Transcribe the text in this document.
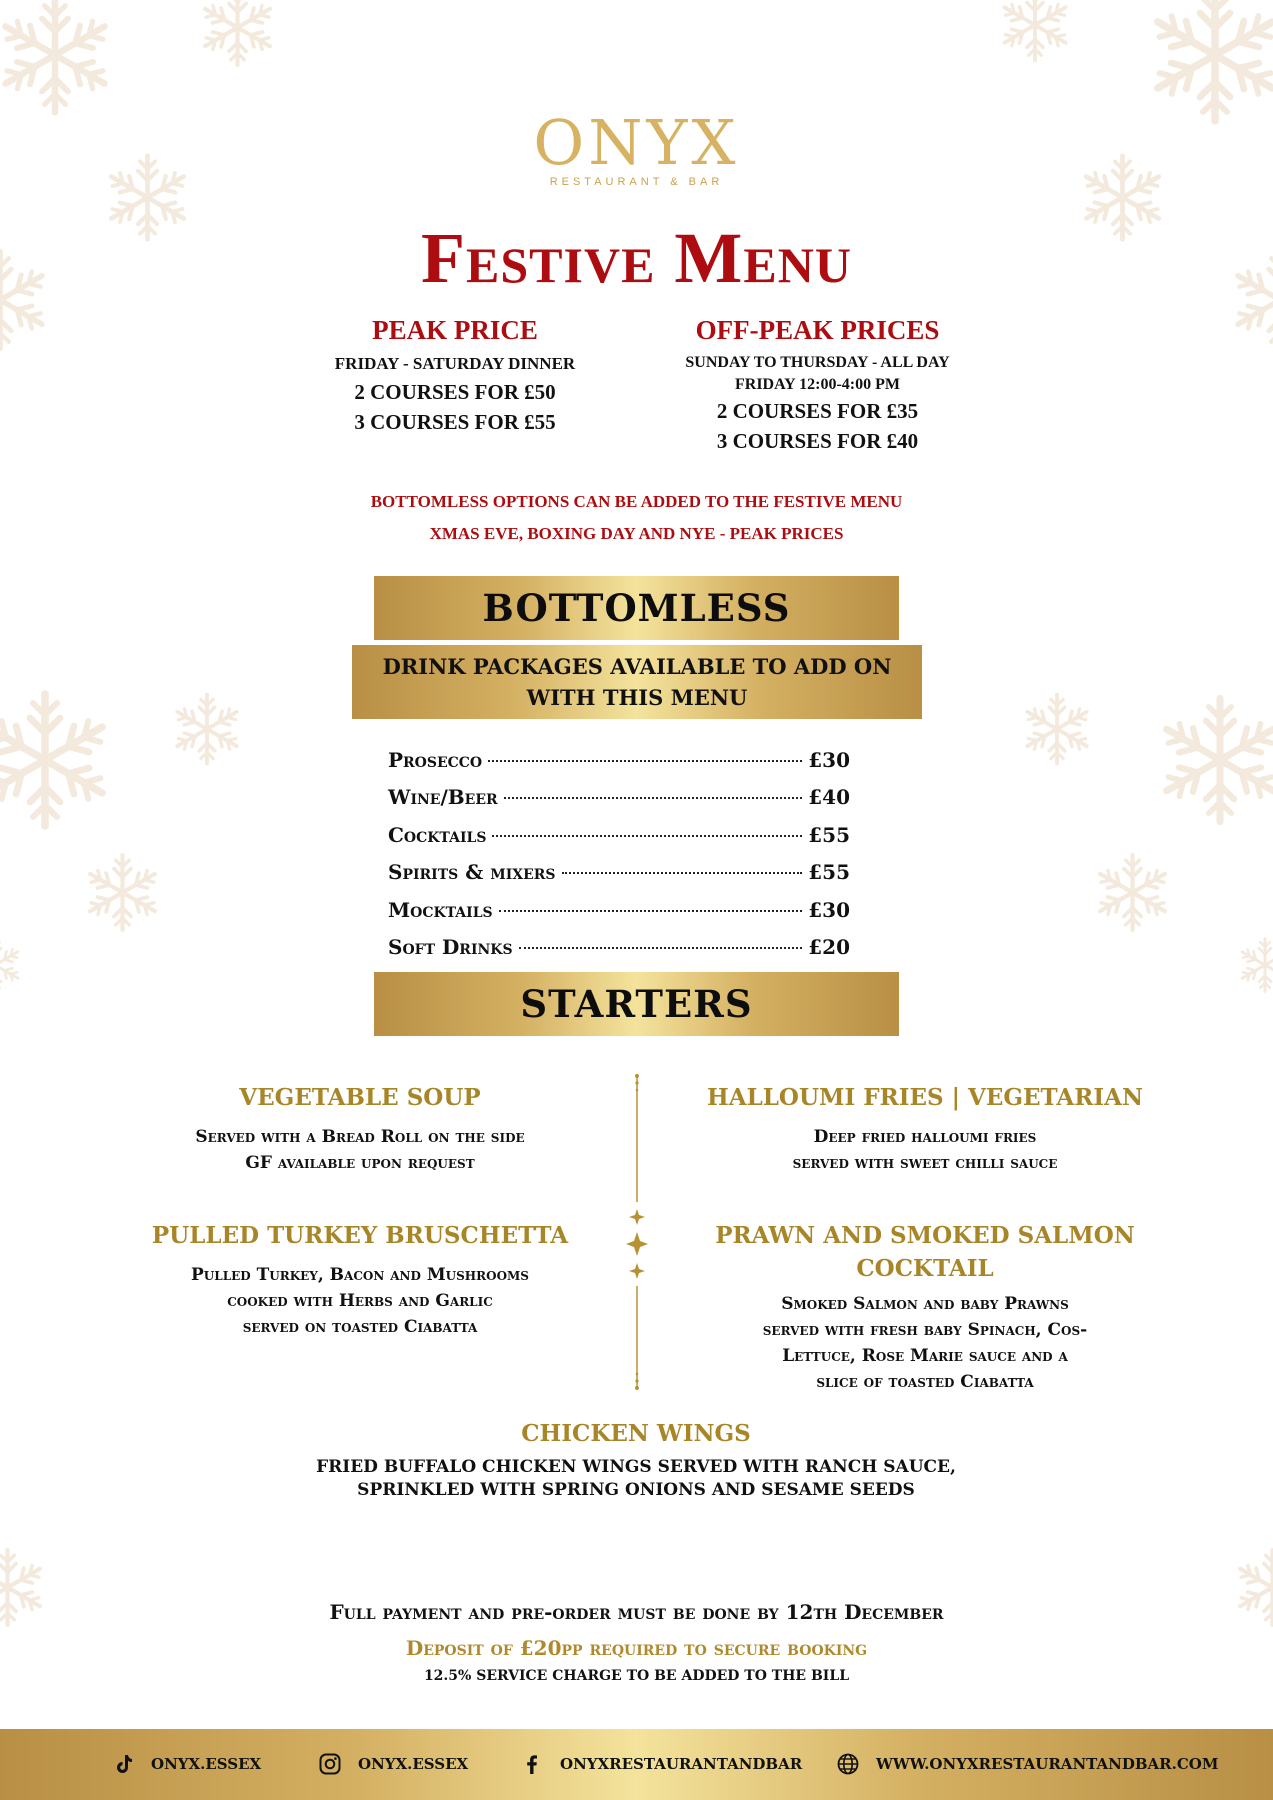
ONYX
RESTAURANT & BAR
Festive Menu
PEAK PRICE
FRIDAY - SATURDAY DINNER
2 COURSES FOR £50
3 COURSES FOR £55
OFF-PEAK PRICES
SUNDAY TO THURSDAY - ALL DAY
FRIDAY 12:00-4:00 PM
2 COURSES FOR £35
3 COURSES FOR £40
BOTTOMLESS OPTIONS CAN BE ADDED TO THE FESTIVE MENU
XMAS EVE, BOXING DAY AND NYE - PEAK PRICES
BOTTOMLESS
DRINK PACKAGES AVAILABLE TO ADD ON
WITH THIS MENU
Prosecco	£30
Wine/Beer	£40
Cocktails	£55
Spirits & mixers	£55
Mocktails	£30
Soft Drinks	£20
STARTERS
VEGETABLE SOUP
Served with a Bread Roll on the side
GF available upon request
HALLOUMI FRIES | VEGETARIAN
Deep fried halloumi fries
served with sweet chilli sauce
PULLED TURKEY BRUSCHETTA
Pulled Turkey, Bacon and Mushrooms
cooked with Herbs and Garlic
served on toasted Ciabatta
PRAWN AND SMOKED SALMON
COCKTAIL
Smoked Salmon and baby Prawns
served with fresh baby Spinach, Cos-
Lettuce, Rose Marie sauce and a
slice of toasted Ciabatta
CHICKEN WINGS
FRIED BUFFALO CHICKEN WINGS SERVED WITH RANCH SAUCE,
SPRINKLED WITH SPRING ONIONS AND SESAME SEEDS
Full payment and pre-order must be done by 12th December
Deposit of £20pp required to secure booking
12.5% SERVICE CHARGE TO BE ADDED TO THE BILL
ONYX.ESSEX	ONYX.ESSEX	ONYXRESTAURANTANDBAR	WWW.ONYXRESTAURANTANDBAR.COM
